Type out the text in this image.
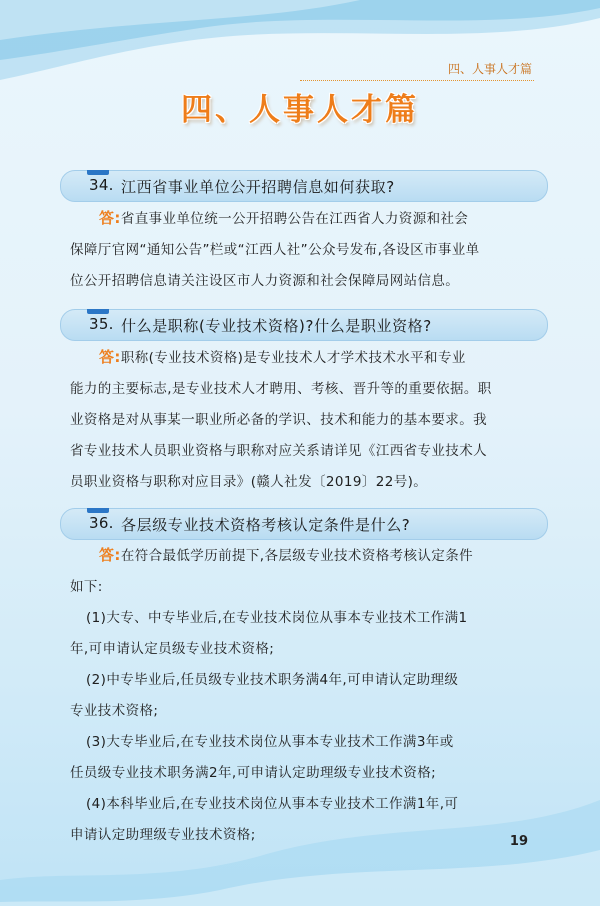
四、人事人才篇
四、人事人才篇
34. 江西省事业单位公开招聘信息如何获取?

答:省直事业单位统一公开招聘公告在江西省人力资源和社会

保障厅官网“通知公告”栏或“江西人社”公众号发布,各设区市事业单

位公开招聘信息请关注设区市人力资源和社会保障局网站信息。

35. 什么是职称(专业技术资格)?什么是职业资格?

答:职称(专业技术资格)是专业技术人才学术技术水平和专业

能力的主要标志,是专业技术人才聘用、考核、晋升等的重要依据。职

业资格是对从事某一职业所必备的学识、技术和能力的基本要求。我

省专业技术人员职业资格与职称对应关系请详见《江西省专业技术人

员职业资格与职称对应目录》(赣人社发〔2019〕22号)。

36. 各层级专业技术资格考核认定条件是什么?

答:在符合最低学历前提下,各层级专业技术资格考核认定条件

如下:

(1)大专、中专毕业后,在专业技术岗位从事本专业技术工作满1

年,可申请认定员级专业技术资格;

(2)中专毕业后,任员级专业技术职务满4年,可申请认定助理级

专业技术资格;

(3)大专毕业后,在专业技术岗位从事本专业技术工作满3年或

任员级专业技术职务满2年,可申请认定助理级专业技术资格;

(4)本科毕业后,在专业技术岗位从事本专业技术工作满1年,可

申请认定助理级专业技术资格;	19
